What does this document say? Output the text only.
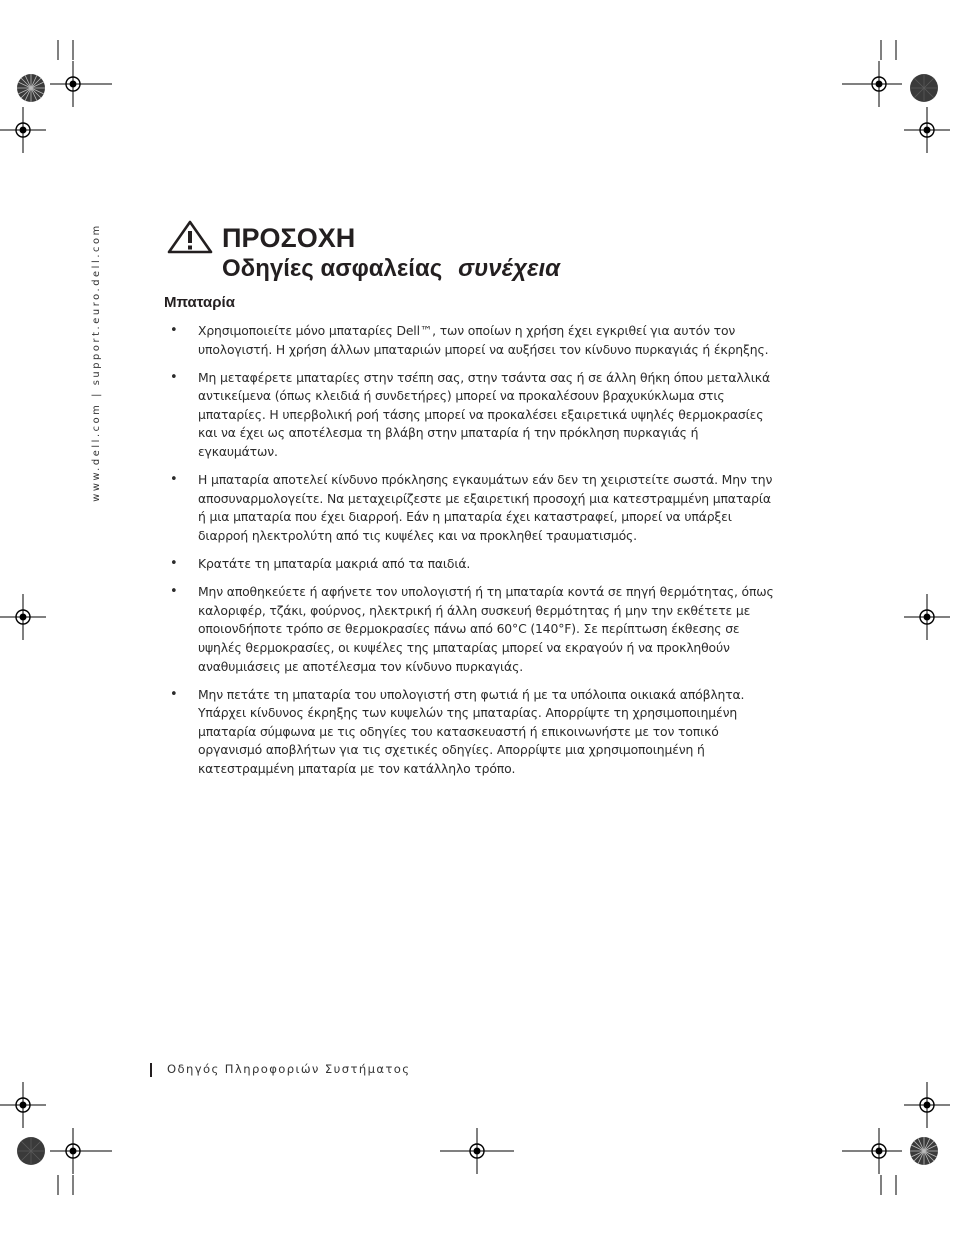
www.dell.com | support.euro.dell.com	ΠΡΟΣΟΧΗ
Οδηγίες ασφαλείας συνέχεια
Μπαταρία
• Χρησιμοποιείτε μόνο μπαταρίες Dell™, των οποίων η χρήση έχει εγκριθεί για αυτόν τον υπολογιστή. Η χρήση άλλων μπαταριών μπορεί να αυξήσει τον κίνδυνο πυρκαγιάς ή έκρηξης.
• Μη μεταφέρετε μπαταρίες στην τσέπη σας, στην τσάντα σας ή σε άλλη θήκη όπου μεταλλικά αντικείμενα (όπως κλειδιά ή συνδετήρες) μπορεί να προκαλέσουν βραχυκύκλωμα στις μπαταρίες. Η υπερβολική ροή τάσης μπορεί να προκαλέσει εξαιρετικά υψηλές θερμοκρασίες και να έχει ως αποτέλεσμα τη βλάβη στην μπαταρία ή την πρόκληση πυρκαγιάς ή εγκαυμάτων.
• Η μπαταρία αποτελεί κίνδυνο πρόκλησης εγκαυμάτων εάν δεν τη χειριστείτε σωστά. Μην την αποσυναρμολογείτε. Να μεταχειρίζεστε με εξαιρετική προσοχή μια κατεστραμμένη μπαταρία ή μια μπαταρία που έχει διαρροή. Εάν η μπαταρία έχει καταστραφεί, μπορεί να υπάρξει διαρροή ηλεκτρολύτη από τις κυψέλες και να προκληθεί τραυματισμός.
• Κρατάτε τη μπαταρία μακριά από τα παιδιά.
• Μην αποθηκεύετε ή αφήνετε τον υπολογιστή ή τη μπαταρία κοντά σε πηγή θερμότητας, όπως καλοριφέρ, τζάκι, φούρνος, ηλεκτρική ή άλλη συσκευή θερμότητας ή μην την εκθέτετε με οποιονδήποτε τρόπο σε θερμοκρασίες πάνω από 60°C (140°F). Σε περίπτωση έκθεσης σε υψηλές θερμοκρασίες, οι κυψέλες της μπαταρίας μπορεί να εκραγούν ή να προκληθούν αναθυμιάσεις με αποτέλεσμα τον κίνδυνο πυρκαγιάς.
• Μην πετάτε τη μπαταρία του υπολογιστή στη φωτιά ή με τα υπόλοιπα οικιακά απόβλητα. Υπάρχει κίνδυνος έκρηξης των κυψελών της μπαταρίας. Απορρίψτε τη χρησιμοποιημένη μπαταρία σύμφωνα με τις οδηγίες του κατασκευαστή ή επικοινωνήστε με τον τοπικό οργανισμό αποβλήτων για τις σχετικές οδηγίες. Απορρίψτε μια χρησιμοποιημένη ή κατεστραμμένη μπαταρία με τον κατάλληλο τρόπο.
Οδηγός Πληροφοριών Συστήματος
